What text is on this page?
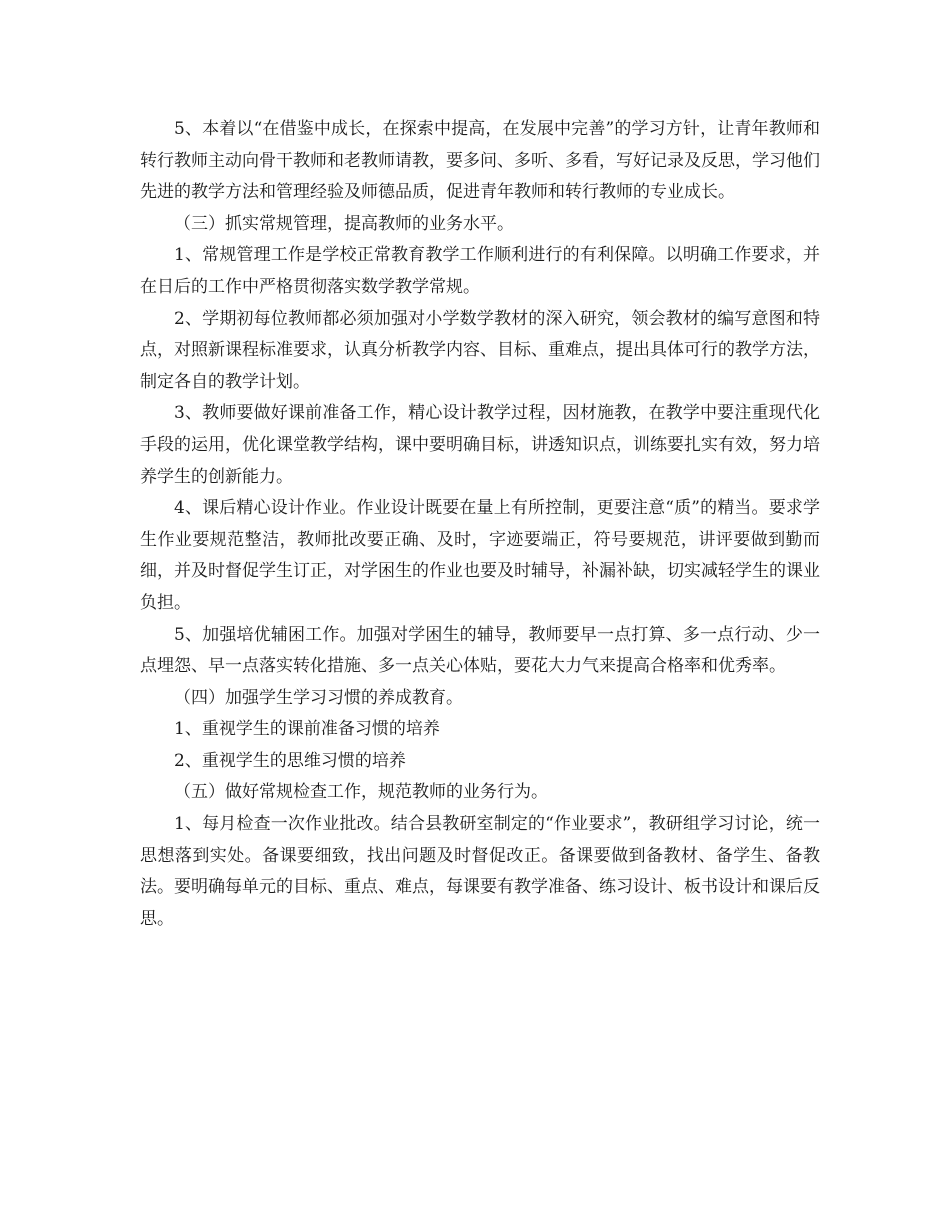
5、本着以“在借鉴中成长，在探索中提高，在发展中完善”的学习方针，让青年教师和转行教师主动向骨干教师和老教师请教，要多问、多听、多看，写好记录及反思，学习他们先进的教学方法和管理经验及师德品质，促进青年教师和转行教师的专业成长。

（三）抓实常规管理，提高教师的业务水平。

1、常规管理工作是学校正常教育教学工作顺利进行的有利保障。以明确工作要求，并在日后的工作中严格贯彻落实数学教学常规。

2、学期初每位教师都必须加强对小学数学教材的深入研究，领会教材的编写意图和特点，对照新课程标准要求，认真分析教学内容、目标、重难点，提出具体可行的教学方法，制定各自的教学计划。

3、教师要做好课前准备工作，精心设计教学过程，因材施教，在教学中要注重现代化手段的运用，优化课堂教学结构，课中要明确目标，讲透知识点，训练要扎实有效，努力培养学生的创新能力。

4、课后精心设计作业。作业设计既要在量上有所控制，更要注意“质”的精当。要求学生作业要规范整洁，教师批改要正确、及时，字迹要端正，符号要规范，讲评要做到勤而细，并及时督促学生订正，对学困生的作业也要及时辅导，补漏补缺，切实减轻学生的课业负担。

5、加强培优辅困工作。加强对学困生的辅导，教师要早一点打算、多一点行动、少一点埋怨、早一点落实转化措施、多一点关心体贴，要花大力气来提高合格率和优秀率。

（四）加强学生学习习惯的养成教育。

1、重视学生的课前准备习惯的培养

2、重视学生的思维习惯的培养

（五）做好常规检查工作，规范教师的业务行为。

1、每月检查一次作业批改。结合县教研室制定的“作业要求”，教研组学习讨论，统一思想落到实处。备课要细致，找出问题及时督促改正。备课要做到备教材、备学生、备教法。要明确每单元的目标、重点、难点，每课要有教学准备、练习设计、板书设计和课后反思。
